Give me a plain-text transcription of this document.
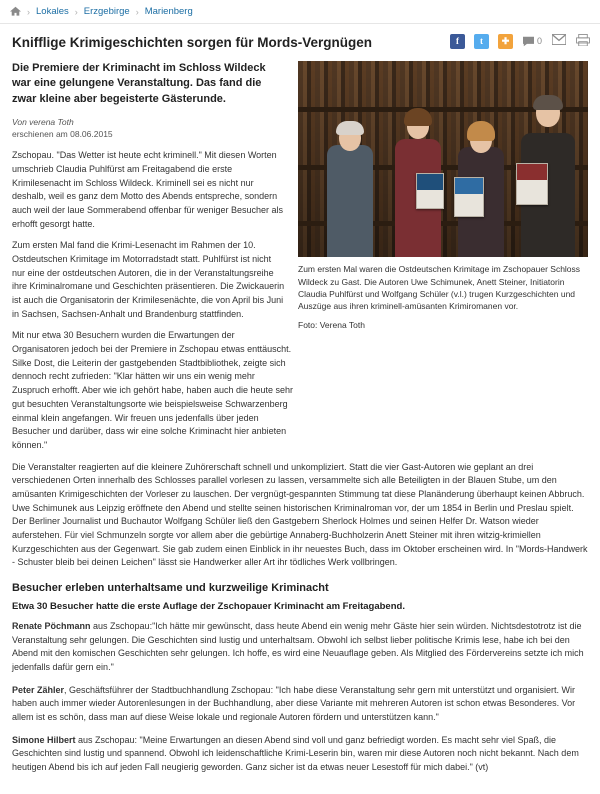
› Lokales › Erzgebirge › Marienberg
f	t	✚	0
Knifflige Krimigeschichten sorgen für Mords-Vergnügen
Zum ersten Mal waren die Ostdeutschen Krimitage im Zschopauer Schloss Wildeck zu Gast. Die Autoren Uwe Schimunek, Anett Steiner, Initiatorin Claudia Puhlfürst und Wolfgang Schüler (v.l.) trugen Kurzgeschichten und Auszüge aus ihren kriminell-amüsanten Krimiromanen vor.
Foto: Verena Toth

Die Premiere der Kriminacht im Schloss Wildeck war eine gelungene Veranstaltung. Das fand die zwar kleine aber begeisterte Gästerunde.

Von verena Toth
erschienen am 08.06.2015

Zschopau. "Das Wetter ist heute echt kriminell." Mit diesen Worten umschrieb Claudia Puhlfürst am Freitagabend die erste Krimilesenacht im Schloss Wildeck. Kriminell sei es nicht nur deshalb, weil es ganz dem Motto des Abends entspreche, sondern auch weil der laue Sommerabend offenbar für weniger Besucher als erhofft gesorgt hatte.

Zum ersten Mal fand die Krimi-Lesenacht im Rahmen der 10. Ostdeutschen Krimitage im Motorradstadt statt. Puhlfürst ist nicht nur eine der ostdeutschen Autoren, die in der Veranstaltungsreihe ihre Kriminalromane und Geschichten präsentieren. Die Zwickauerin ist auch die Organisatorin der Krimilesenächte, die von April bis Juni in Sachsen, Sachsen-Anhalt und Brandenburg stattfinden.

Mit nur etwa 30 Besuchern wurden die Erwartungen der Organisatoren jedoch bei der Premiere in Zschopau etwas enttäuscht. Silke Dost, die Leiterin der gastgebenden Stadtbibliothek, zeigte sich dennoch recht zufrieden: "Klar hätten wir uns ein wenig mehr Zuspruch erhofft. Aber wie ich gehört habe, haben auch die heute sehr gut besuchten Veranstaltungsorte wie beispielsweise Schwarzenberg einmal klein angefangen. Wir freuen uns jedenfalls über jeden Besucher und darüber, dass wir eine solche Kriminacht hier anbieten können."

Die Veranstalter reagierten auf die kleinere Zuhörerschaft schnell und unkompliziert. Statt die vier Gast-Autoren wie geplant an drei verschiedenen Orten innerhalb des Schlosses parallel vorlesen zu lassen, versammelte sich alle Beteiligten in der Blauen Stube, um den amüsanten Krimigeschichten der Vorleser zu lauschen. Der vergnügt-gespannten Stimmung tat diese Planänderung überhaupt keinen Abbruch. Uwe Schimunek aus Leipzig eröffnete den Abend und stellte seinen historischen Kriminalroman vor, der um 1854 in Berlin und Preslau spielt. Der Berliner Journalist und Buchautor Wolfgang Schüler ließ den Gastgebern Sherlock Holmes und seinen Helfer Dr. Watson wieder auferstehen. Für viel Schmunzeln sorgte vor allem aber die gebürtige Annaberg-Buchholzerin Anett Steiner mit ihren witzig-krimiellen Kurzgeschichten aus der Gegenwart. Sie gab zudem einen Einblick in ihr neuestes Buch, dass im Oktober erscheinen wird. In "Mords-Handwerk - Schuster bleib bei deinen Leichen" lässt sie Handwerker aller Art ihr tödliches Werk vollbringen.

Besucher erleben unterhaltsame und kurzweilige Kriminacht

Etwa 30 Besucher hatte die erste Auflage der Zschopauer Kriminacht am Freitagabend.

Renate Pöchmann aus Zschopau:"Ich hätte mir gewünscht, dass heute Abend ein wenig mehr Gäste hier sein würden. Nichtsdestotrotz ist die Veranstaltung sehr gelungen. Die Geschichten sind lustig und unterhaltsam. Obwohl ich selbst lieber politische Krimis lese, habe ich bei den Abend mit den komischen Geschichten sehr gelungen. Ich hoffe, es wird eine Neuauflage geben. Als Mitglied des Fördervereins setzte ich mich jedenfalls dafür gern ein."

Peter Zähler, Geschäftsführer der Stadtbuchhandlung Zschopau: "Ich habe diese Veranstaltung sehr gern mit unterstützt und organisiert. Wir haben auch immer wieder Autorenlesungen in der Buchhandlung, aber diese Variante mit mehreren Autoren ist schon etwas Besonderes. Vor allem ist es schön, dass man auf diese Weise lokale und regionale Autoren fördern und unterstützen kann."

Simone Hilbert aus Zschopau: "Meine Erwartungen an diesen Abend sind voll und ganz befriedigt worden. Es macht sehr viel Spaß, die Geschichten sind lustig und spannend. Obwohl ich leidenschaftliche Krimi-Leserin bin, waren mir diese Autoren noch nicht bekannt. Nach dem heutigen Abend bis ich auf jeden Fall neugierig geworden. Ganz sicher ist da etwas neuer Lesestoff für mich dabei." (vt)
